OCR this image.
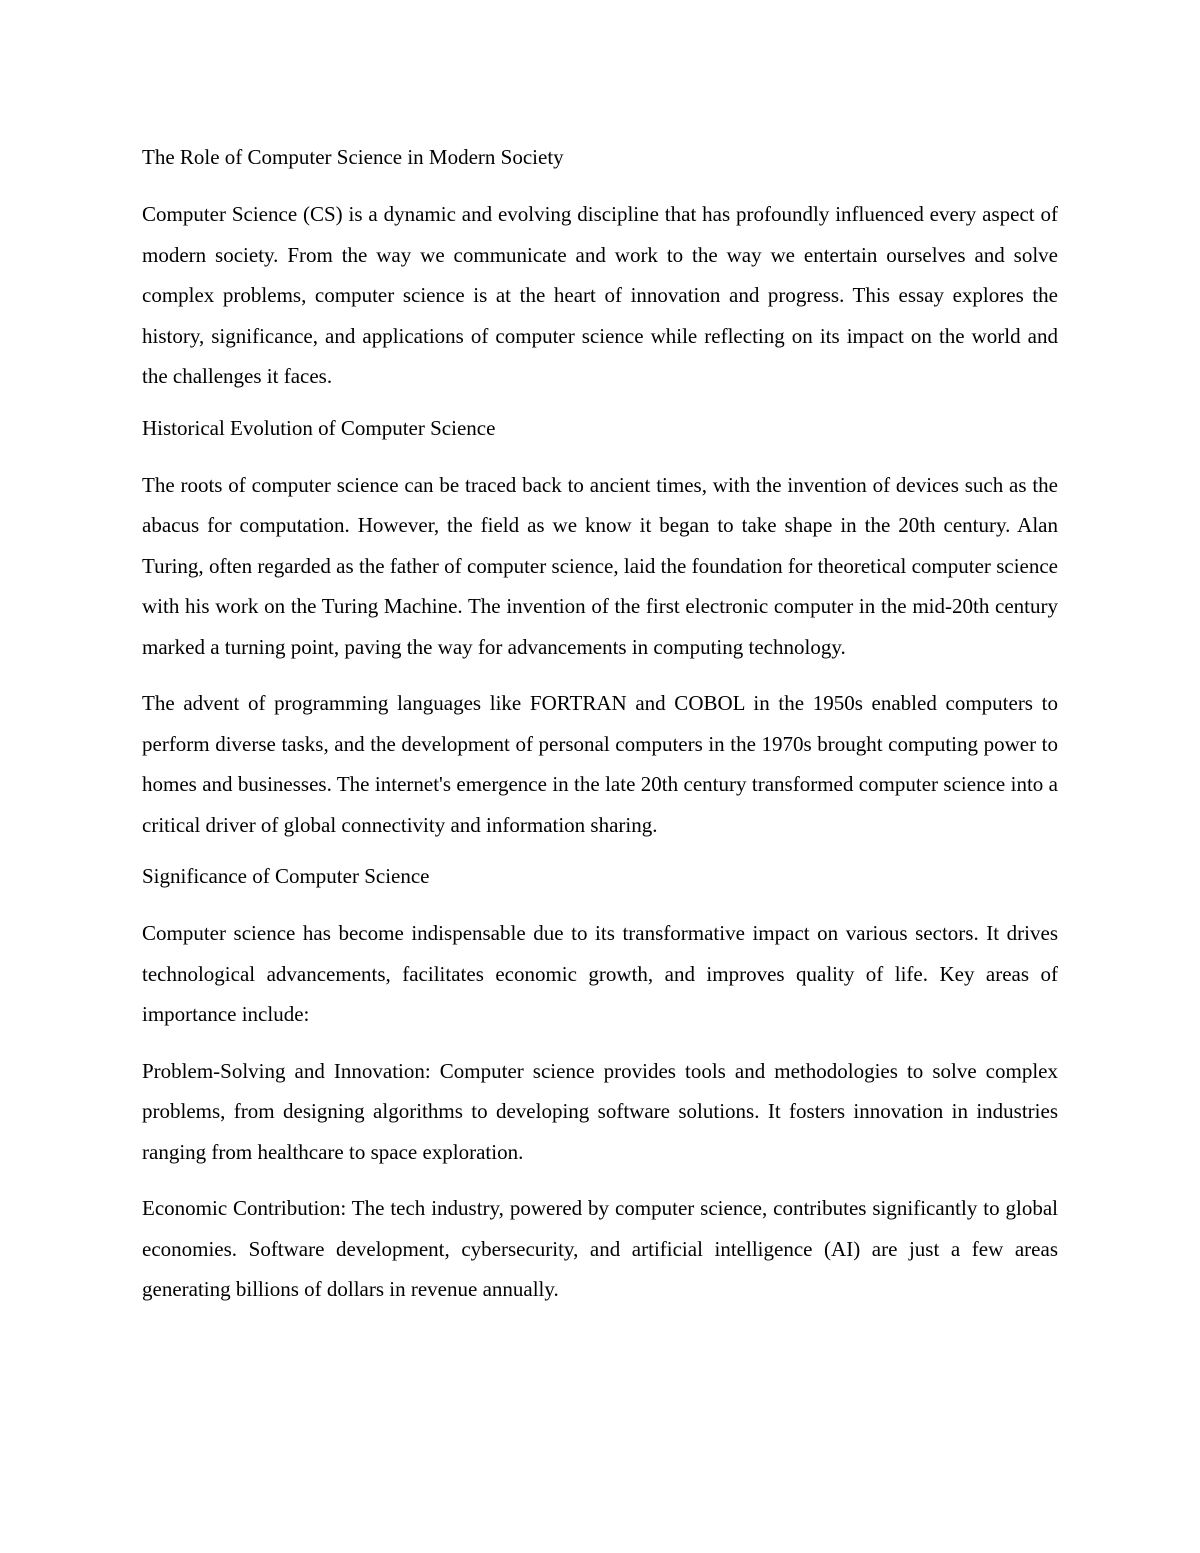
The Role of Computer Science in Modern Society

Computer Science (CS) is a dynamic and evolving discipline that has profoundly influenced every aspect of modern society. From the way we communicate and work to the way we entertain ourselves and solve complex problems, computer science is at the heart of innovation and progress. This essay explores the history, significance, and applications of computer science while reflecting on its impact on the world and the challenges it faces.

Historical Evolution of Computer Science

The roots of computer science can be traced back to ancient times, with the invention of devices such as the abacus for computation. However, the field as we know it began to take shape in the 20th century. Alan Turing, often regarded as the father of computer science, laid the foundation for theoretical computer science with his work on the Turing Machine. The invention of the first electronic computer in the mid-20th century marked a turning point, paving the way for advancements in computing technology.

The advent of programming languages like FORTRAN and COBOL in the 1950s enabled computers to perform diverse tasks, and the development of personal computers in the 1970s brought computing power to homes and businesses. The internet's emergence in the late 20th century transformed computer science into a critical driver of global connectivity and information sharing.

Significance of Computer Science

Computer science has become indispensable due to its transformative impact on various sectors. It drives technological advancements, facilitates economic growth, and improves quality of life. Key areas of importance include:

Problem-Solving and Innovation: Computer science provides tools and methodologies to solve complex problems, from designing algorithms to developing software solutions. It fosters innovation in industries ranging from healthcare to space exploration.

Economic Contribution: The tech industry, powered by computer science, contributes significantly to global economies. Software development, cybersecurity, and artificial intelligence (AI) are just a few areas generating billions of dollars in revenue annually.
